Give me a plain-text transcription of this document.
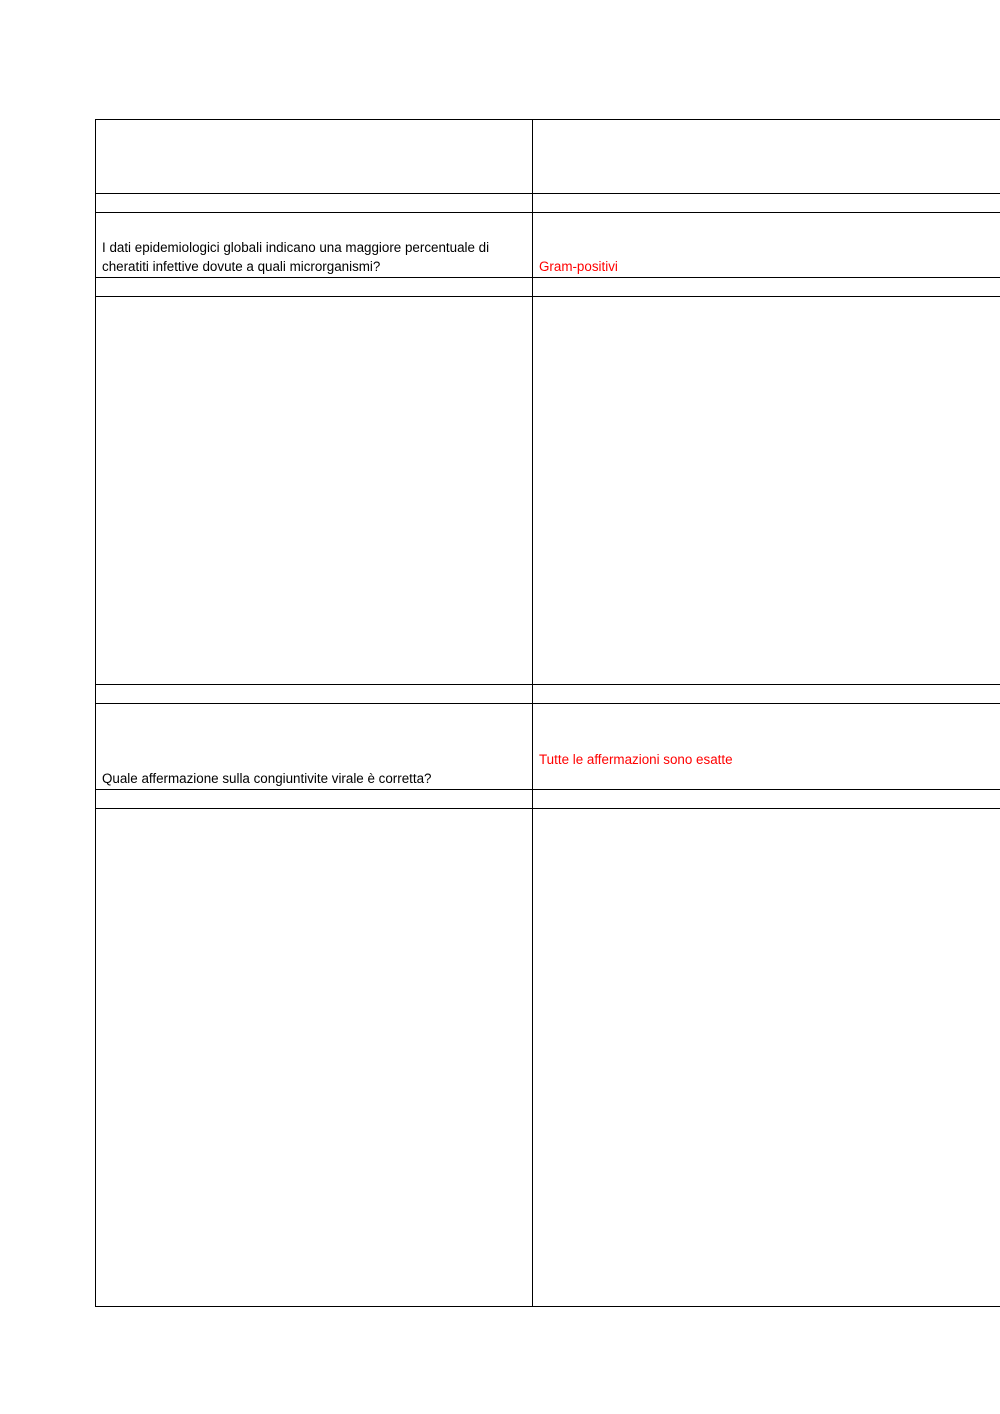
I dati epidemiologici globali indicano una maggiore percentuale di cheratiti infettive dovute a quali microrganismi?	Gram-positivi

Quale affermazione sulla congiuntivite virale è corretta?	Tutte le affermazioni sono esatte
